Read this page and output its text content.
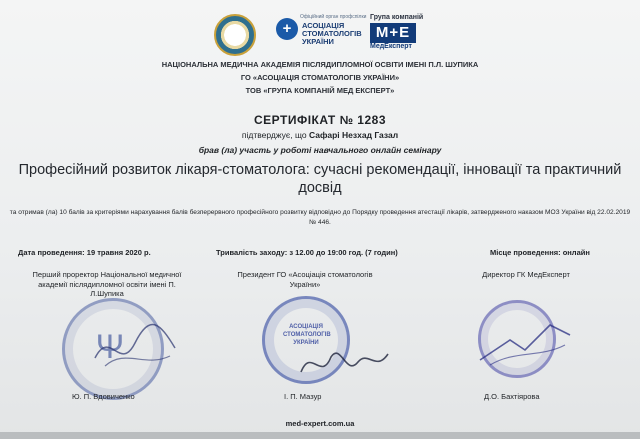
+
Офіційний орган профспілки
АСОЦІАЦІЯ СТОМАТОЛОГІВ УКРАЇНИ
Група компаній
M+E
МедЕксперт
НАЦІОНАЛЬНА МЕДИЧНА АКАДЕМІЯ ПІСЛЯДИПЛОМНОЇ ОСВІТИ ІМЕНІ П.Л. ШУПИКА
ГО «АСОЦІАЦІЯ СТОМАТОЛОГІВ УКРАЇНИ»
ТОВ «ГРУПА КОМПАНІЙ МЕД ЕКСПЕРТ»
СЕРТИФІКАТ № 1283
підтверджує, що Сафарі Незхад Газал
брав (ла) участь у роботі навчального онлайн семінару
Професійний розвиток лікаря-стоматолога: сучасні рекомендації, інновації та практичний досвід
та отримав (ла) 10 балів за критеріями нарахування балів безперервного професійного розвитку відповідно до Порядку проведення атестації лікарів, затвердженого наказом МОЗ України від 22.02.2019 № 446.
Дата проведення: 19 травня 2020 р.	Тривалість заходу: з 12.00 до 19:00 год. (7 годин)	Місце проведення: онлайн
Перший проректор Національної медичної академії післядипломної освіти імені П. Л.Шупика
Президент ГО «Асоціація стоматологів України»
Директор ГК МедЕксперт
Ψ
АСОЦІАЦІЯ СТОМАТОЛОГІВ УКРАЇНИ
Ю. П. Вдовиченко	І. П. Мазур	Д.О. Бахтіярова
med-expert.com.ua
